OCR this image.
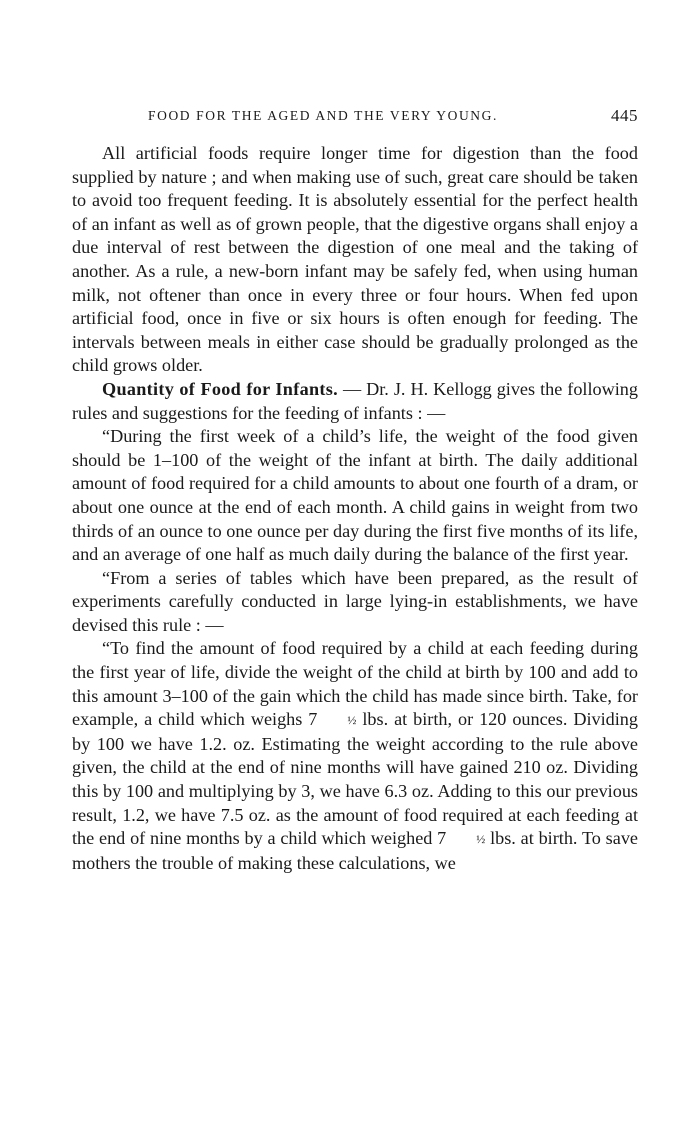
FOOD FOR THE AGED AND THE VERY YOUNG.	445

All artificial foods require longer time for digestion than the food supplied by nature ; and when making use of such, great care should be taken to avoid too frequent feeding. It is absolutely essential for the perfect health of an infant as well as of grown people, that the digestive organs shall enjoy a due interval of rest between the digestion of one meal and the taking of another. As a rule, a new-born infant may be safely fed, when using human milk, not oftener than once in every three or four hours. When fed upon artificial food, once in five or six hours is often enough for feeding. The intervals between meals in either case should be gradually prolonged as the child grows older.

Quantity of Food for Infants. — Dr. J. H. Kellogg gives the following rules and suggestions for the feeding of infants : —

“During the first week of a child’s life, the weight of the food given should be 1–100 of the weight of the infant at birth. The daily additional amount of food required for a child amounts to about one fourth of a dram, or about one ounce at the end of each month. A child gains in weight from two thirds of an ounce to one ounce per day during the first five months of its life, and an average of one half as much daily during the balance of the first year.

“From a series of tables which have been prepared, as the result of experiments carefully conducted in large lying-in establishments, we have devised this rule : —

“To find the amount of food required by a child at each feeding during the first year of life, divide the weight of the child at birth by 100 and add to this amount 3–100 of the gain which the child has made since birth. Take, for example, a child which weighs 7	½ lbs. at birth, or 120 ounces. Dividing by 100 we have 1.2. oz. Estimating the weight according to the rule above given, the child at the end of nine months will have gained 210 oz. Dividing this by 100 and multiplying by 3, we have 6.3 oz. Adding to this our previous result, 1.2, we have 7.5 oz. as the amount of food required at each feeding at the end of nine months by a child which weighed 7	½ lbs. at birth. To save mothers the trouble of making these calculations, we
